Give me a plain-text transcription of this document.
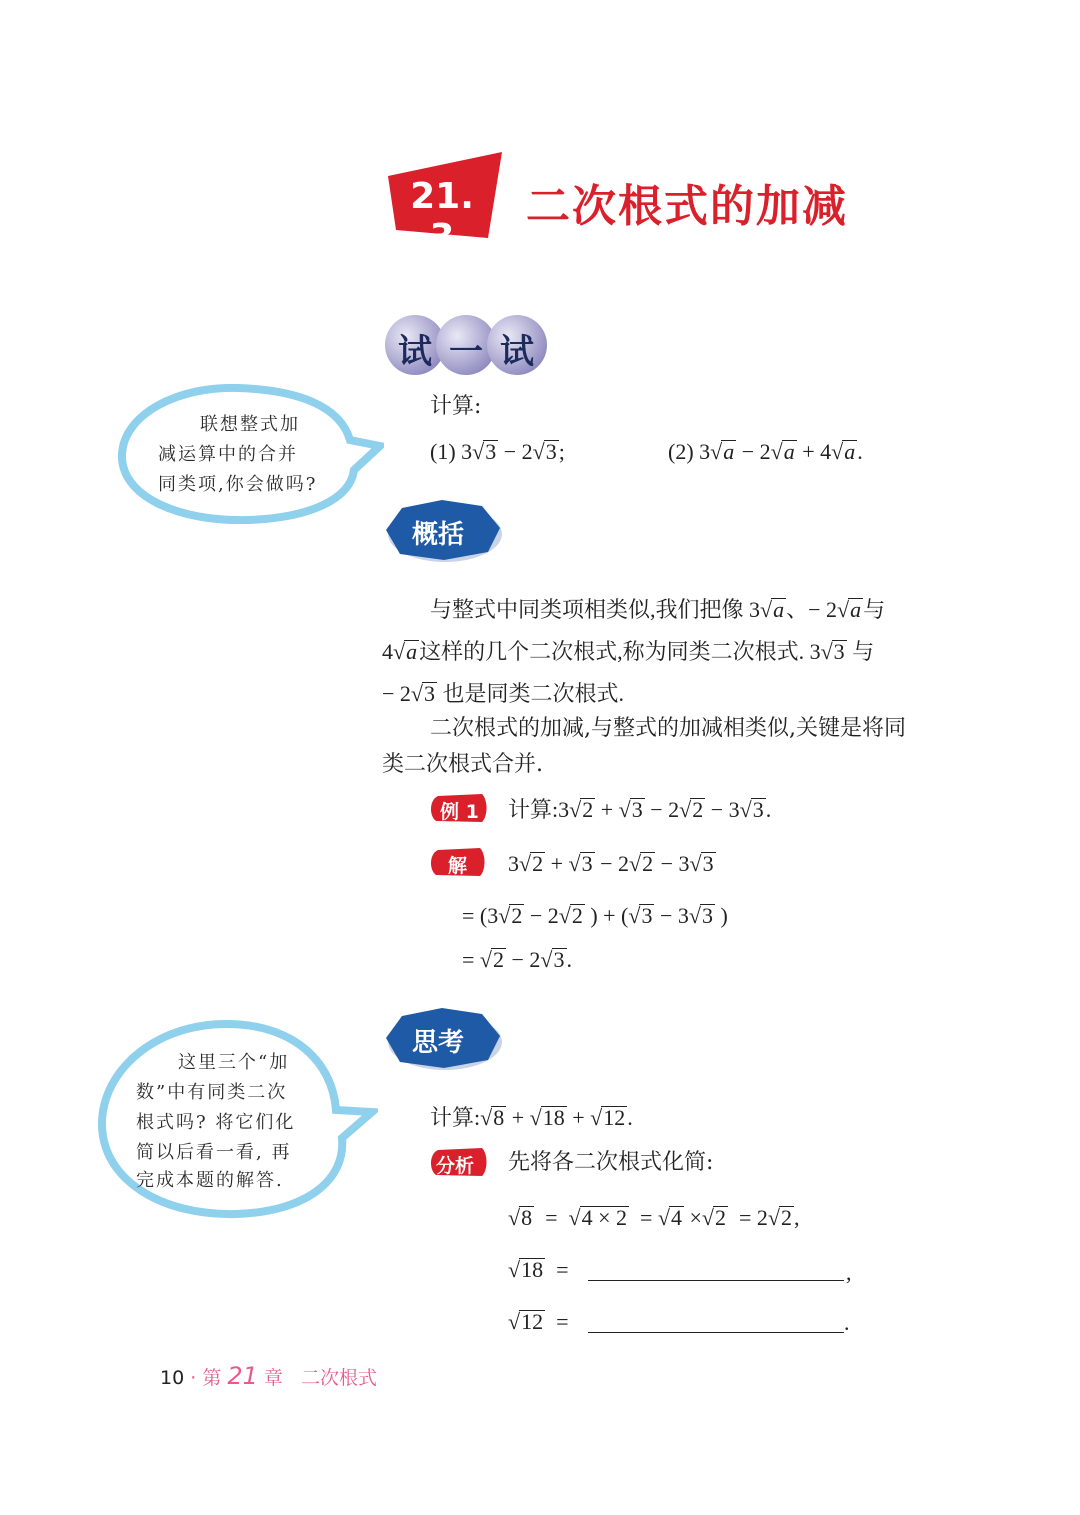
21. 3
二次根式的加减
试 一 试
联想整式加
减运算中的合并
同类项,你会做吗?
计算:
(1) 3 √ 3 − 2 √ 3;	(2) 3 √ a − 2 √ a + 4 √ a.
概括
与整式中同类项相类似,我们把像 3 √ a、− 2 √ a与
4 √ a这样的几个二次根式,称为同类二次根式. 3 √ 3 与
− 2 √ 3 也是同类二次根式.
二次根式的加减,与整式的加减相类似,关键是将同
类二次根式合并.
例 1 计算:3 √ 2 + √ 3 − 2 √ 2 − 3 √ 3.
解 3 √ 2 + √ 3 − 2 √ 2 − 3 √ 3
= (3 √ 2 − 2 √ 2 ) + ( √ 3 − 3 √ 3 )
= √ 2 − 2 √ 3.
思考
这里三个“加
数”中有同类二次
根式吗? 将它们化
简以后看一看, 再
完成本题的解答.
计算: √ 8 + √ 18 + √ 12.
分析 先将各二次根式化简:
√ 8  =  √ 4 × 2  = √ 4 × √ 2  = 2 √ 2,
√ 18  =	,
√ 12  =	.
10 · 第 21 章 二次根式
